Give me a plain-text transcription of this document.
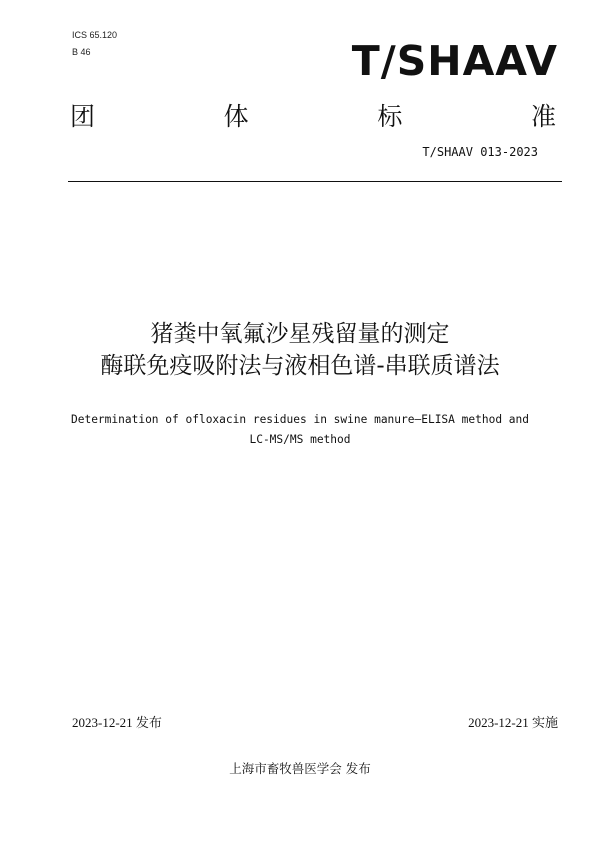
ICS 65.120
B 46	T/SHAAV
团	体	标	准
T/SHAAV 013-2023
猪粪中氧氟沙星残留量的测定
酶联免疫吸附法与液相色谱-串联质谱法
Determination of ofloxacin residues in swine manure—ELISA method and
LC-MS/MS method
2023-12-21 发布	2023-12-21 实施
上海市畜牧兽医学会 发布
